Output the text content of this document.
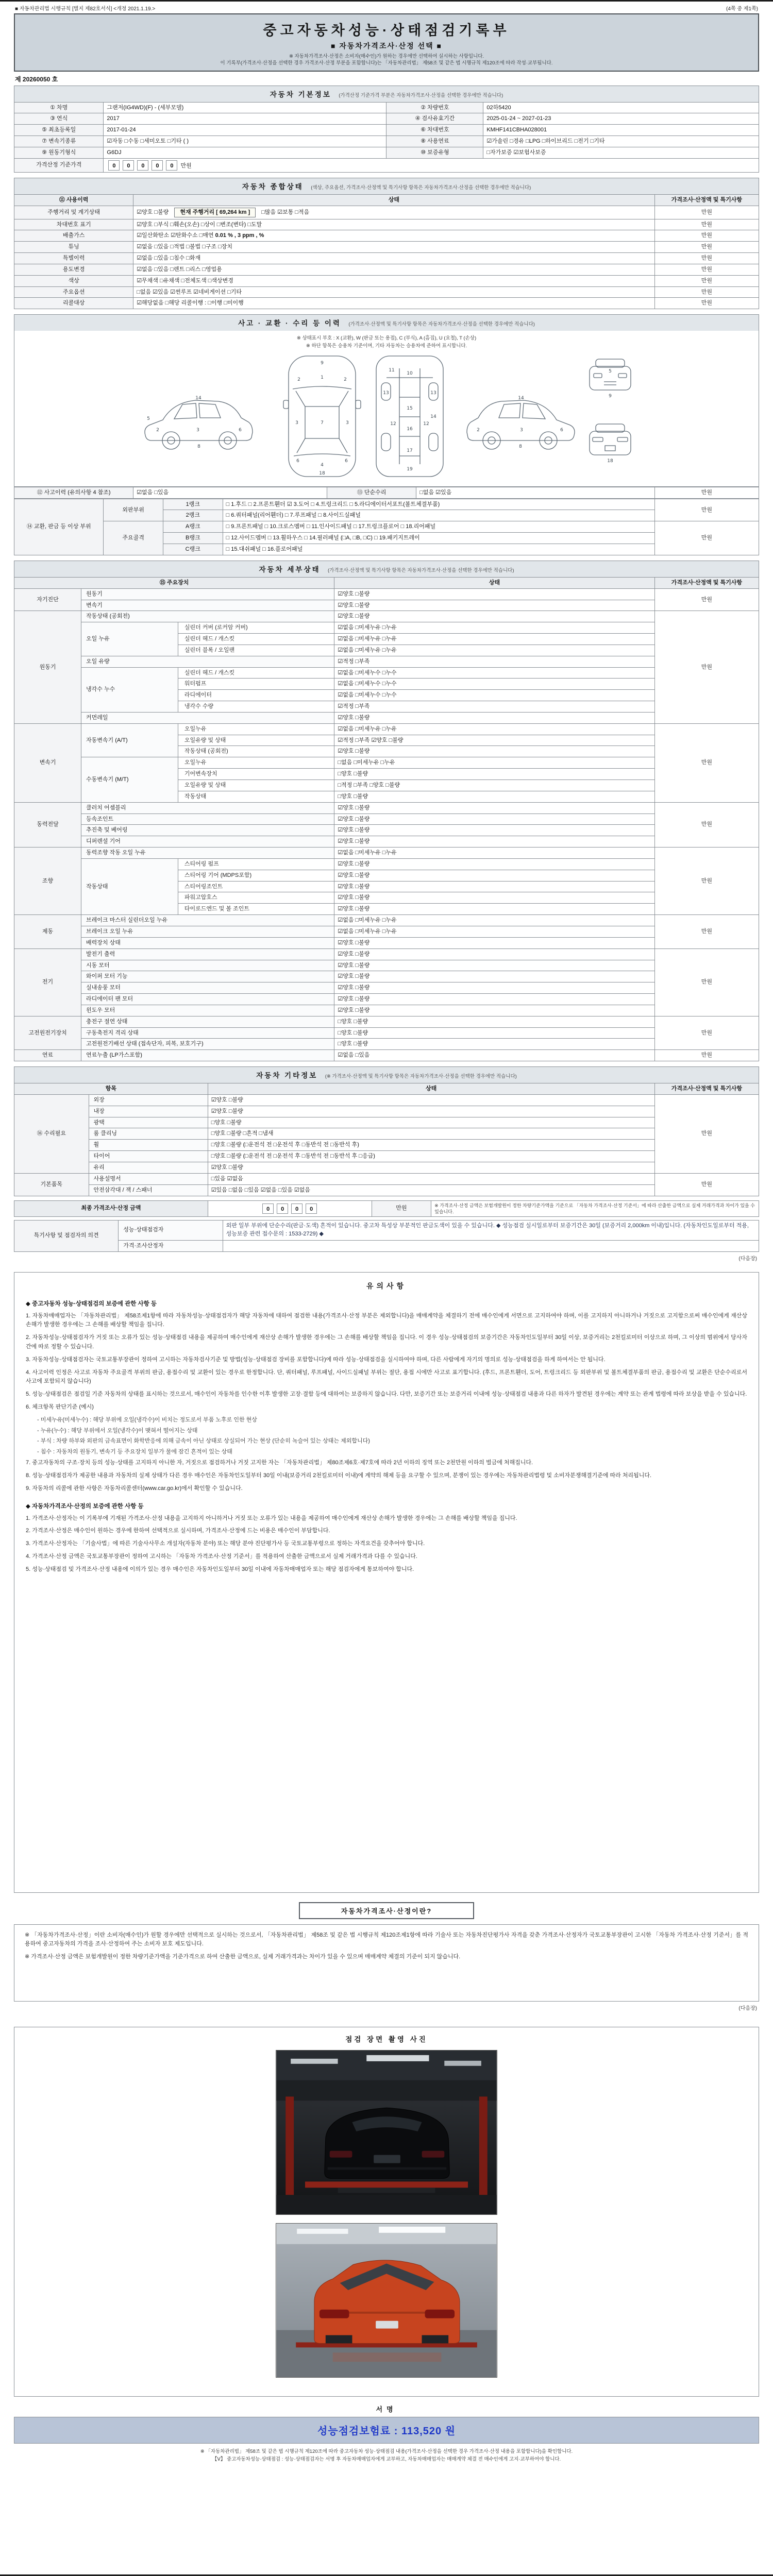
■ 자동차관리법 시행규칙 [별지 제82호서식] <개정 2021.1.19.>	(4쪽 중 제1쪽)
중고자동차성능·상태점검기록부
■ 자동차가격조사·산정 선택 ■
※ 자동차가격조사·산정은 소비자(매수인)가 원하는 경우에만 선택하여 실시하는 사항입니다.
이 기록부(가격조사·산정을 선택한 경우 가격조사·산정 부분을 포함합니다)는 「자동차관리법」 제58조 및 같은 법 시행규칙 제120조에 따라 작성·교부됩니다.
제 20260050 호
자동차 기본정보 (가격산정 기준가격 부분은 자동차가격조사·산정을 선택한 경우에만 적습니다)
① 차명	그랜저(IG4WD)(F) - (세부모델)	② 차량번호	02하5420
③ 연식	2017	④ 검사유효기간	2025-01-24 ~ 2027-01-23
⑤ 최초등록일	2017-01-24	⑥ 차대번호	KMHF141CBHA028001
⑦ 변속기종류	☑자동 □수동 □세미오토 □기타 ( )	⑧ 사용연료	☑가솔린 □경유 □LPG □하이브리드 □전기 □기타
⑨ 원동기형식	G6DJ	⑩ 보증유형	□자가보증 ☑보험사보증
가격산정 기준가격	0 0 0 0 0 만원		
자동차 종합상태 (색상, 주요옵션, 가격조사·산정액 및 특기사항 항목은 자동차가격조사·산정을 선택한 경우에만 적습니다)
⑪ 사용이력	상태	가격조사·산정액 및 특기사항
주행거리 및 계기상태	☑양호 □불량 현재 주행거리 [ 69,264 km ] □많음 ☑보통 □적음	만원
차대번호 표기	☑양호 □부식 □훼손(오손) □상이 □변조(변타) □도말	만원
배출가스	☑일산화탄소 ☑탄화수소 □매연 0.01 % , 3 ppm , %	만원
튜닝	☑없음 □있음 □적법 □불법 □구조 □장치	만원
특별이력	☑없음 □있음 □침수 □화재	만원
용도변경	☑없음 □있음 □렌트 □리스 □영업용	만원
색상	☑무채색 □유채색 □전체도색 □색상변경	만원
주요옵션	□없음 ☑있음 ☑썬루프 ☑네비게이션 □기타	만원
리콜대상	☑해당없음 □해당 리콜이행 : □이행 □미이행	만원
사고 · 교환 · 수리 등 이력 (가격조사·산정액 및 특기사항 항목은 자동차가격조사·산정을 선택한 경우에만 적습니다)
※ 상태표시 부호 : X (교환), W (판금 또는 용접), C (부식), A (흠집), U (요철), T (손상)
※ 하단 항목은 승용차 기준이며, 기타 자동차는 승용차에 준하여 표시합니다.
2	3	6
8
14
5
9
1
2	2
3	3
7
6	6
4
18
10
11
13	13
12	12
15
16
17
19
14
6
3
2
8
14
5
9
18
⑫ 사고이력 (유의사항 4 참조)	☑없음 □있음	⑬ 단순수리	□없음 ☑있음	만원
⑭ 교환, 판금 등 이상 부위	외판부위	1랭크	□ 1.후드 □ 2.프론트휀더 ☑ 3.도어 □ 4.트렁크리드 □ 5.라디에이터서포트(볼트체결부품)	만원
		2랭크	□ 6.쿼터패널(리어휀더) □ 7.루프패널 □ 8.사이드실패널	
	주요골격	A랭크	□ 9.프론트패널 □ 10.크로스멤버 □ 11.인사이드패널 □ 17.트렁크플로어 □ 18.리어패널	만원
		B랭크	□ 12.사이드멤버 □ 13.휠하우스 □ 14.필러패널 (□A, □B, □C) □ 19.패키지트레이	
		C랭크	□ 15.대쉬패널 □ 16.플로어패널	
자동차 세부상태 (가격조사·산정액 및 특기사항 항목은 자동차가격조사·산정을 선택한 경우에만 적습니다)
⑮ 주요장치			상태	가격조사·산정액 및 특기사항
자기진단	원동기		☑양호 □불량	만원
	변속기		☑양호 □불량	
원동기	작동상태 (공회전)		☑양호 □불량	만원
	오일 누유	실린더 커버 (로커암 커버)	☑없음 □미세누유 □누유	
		실린더 헤드 / 개스킷	☑없음 □미세누유 □누유	
		실린더 블록 / 오일팬	☑없음 □미세누유 □누유	
	오일 유량		☑적정 □부족	
	냉각수 누수	실린더 헤드 / 개스킷	☑없음 □미세누수 □누수	
		워터펌프	☑없음 □미세누수 □누수	
		라디에이터	☑없음 □미세누수 □누수	
		냉각수 수량	☑적정 □부족	
	커먼레일		☑양호 □불량	
변속기	자동변속기 (A/T)	오일누유	☑없음 □미세누유 □누유	만원
		오일유량 및 상태	☑적정 □부족 ☑양호 □불량	
		작동상태 (공회전)	☑양호 □불량	
	수동변속기 (M/T)	오일누유	□없음 □미세누유 □누유	
		기어변속장치	□양호 □불량	
		오일유량 및 상태	□적정 □부족 □양호 □불량	
		작동상태	□양호 □불량	
동력전달	클러치 어셈블리		☑양호 □불량	만원
	등속조인트		☑양호 □불량	
	추진축 및 베어링		☑양호 □불량	
	디퍼렌셜 기어		☑양호 □불량	
조향	동력조향 작동 오일 누유		☑없음 □미세누유 □누유	만원
	작동상태	스티어링 펌프	☑양호 □불량	
		스티어링 기어 (MDPS포함)	☑양호 □불량	
		스티어링조인트	☑양호 □불량	
		파워고압호스	☑양호 □불량	
		타이로드엔드 및 볼 조인트	☑양호 □불량	
제동	브레이크 마스터 실린더오일 누유		☑없음 □미세누유 □누유	만원
	브레이크 오일 누유		☑없음 □미세누유 □누유	
	배력장치 상태		☑양호 □불량	
전기	발전기 출력		☑양호 □불량	만원
	시동 모터		☑양호 □불량	
	와이퍼 모터 기능		☑양호 □불량	
	실내송풍 모터		☑양호 □불량	
	라디에이터 팬 모터		☑양호 □불량	
	윈도우 모터		☑양호 □불량	
고전원전기장치	충전구 절연 상태		□양호 □불량	만원
	구동축전지 격리 상태		□양호 □불량	
	고전원전기배선 상태 (접속단자, 피복, 보호기구)		□양호 □불량	
연료	연료누출 (LP가스포함)		☑없음 □있음	만원
자동차 기타정보 (※ 가격조사·산정액 및 특기사항 항목은 자동차가격조사·산정을 선택한 경우에만 적습니다)
항목		상태	가격조사·산정액 및 특기사항
⑯ 수리필요	외장	☑양호 □불량	만원
	내장	☑양호 □불량	
	광택	□양호 □불량	
	룸 클리닝	□양호 □불량 □흔적 □냄새	
	휠	□양호 □불량 (□운전석 전 □운전석 후 □동반석 전 □동반석 후)	
	타이어	□양호 □불량 (□운전석 전 □운전석 후 □동반석 전 □동반석 후 □응급)	
	유리	☑양호 □불량	
기본품목	사용설명서	□있음 ☑없음	만원
	안전삼각대 / 잭 / 스패너	☑있음 □없음 □있음 ☑없음 □있음 ☑없음	
최종 가격조사·산정 금액	0 0 0 0	만원	※ 가격조사·산정 금액은 보험개발원이 정한 차량기준가액을 기준으로 「자동차 가격조사·산정 기준서」에 따라 산출한 금액으로 실제 거래가격과 차이가 있을 수 있습니다.
특기사항 및 점검자의 의견	성능·상태점검자	외판 일부 부위에 단순수리(판금·도색) 흔적이 있습니다. 중고차 특성상 부분적인 판금도색이 있을 수 있습니다. ◆ 성능점검 실시일로부터 보증기간은 30일 (보증거리 2,000km 이내)입니다. (자동차인도일로부터 적용, 성능보증 관련 접수문의 : 1533-2729) ◆
	가격·조사산정자	
(다음장)
유의사항
◆ 중고자동차 성능·상태점검의 보증에 관한 사항 등
1. 자동차매매업자는 「자동차관리법」 제58조제1항에 따라 자동차성능·상태점검자가 해당 자동차에 대하여 점검한 내용(가격조사·산정 부분은 제외합니다)을 매매계약을 체결하기 전에 매수인에게 서면으로 고지하여야 하며, 이를 고지하지 아니하거나 거짓으로 고지함으로써 매수인에게 재산상 손해가 발생한 경우에는 그 손해를 배상할 책임을 집니다.
2. 자동차성능·상태점검자가 거짓 또는 오류가 있는 성능·상태점검 내용을 제공하여 매수인에게 재산상 손해가 발생한 경우에는 그 손해를 배상할 책임을 집니다. 이 경우 성능·상태점검의 보증기간은 자동차인도일부터 30일 이상, 보증거리는 2천킬로미터 이상으로 하며, 그 이상의 범위에서 당사자 간에 따로 정할 수 있습니다.
3. 자동차성능·상태점검자는 국토교통부장관이 정하여 고시하는 자동차검사기준 및 방법(성능·상태점검 장비를 포함합니다)에 따라 성능·상태점검을 실시하여야 하며, 다른 사람에게 자기의 명의로 성능·상태점검을 하게 하여서는 안 됩니다.
4. 사고이력 인정은 사고로 자동차 주요골격 부위의 판금, 용접수리 및 교환이 있는 경우로 한정합니다. 단, 쿼터패널, 루프패널, 사이드실패널 부위는 절단, 용접 시에만 사고로 표기합니다. (후드, 프론트휀더, 도어, 트렁크리드 등 외판부위 및 볼트체결부품의 판금, 용접수리 및 교환은 단순수리로서 사고에 포함되지 않습니다)
5. 성능·상태점검은 점검일 기준 자동차의 상태를 표시하는 것으로서, 매수인이 자동차를 인수한 이후 발생한 고장·결함 등에 대하여는 보증하지 않습니다. 다만, 보증기간 또는 보증거리 이내에 성능·상태점검 내용과 다른 하자가 발견된 경우에는 계약 또는 관계 법령에 따라 보상을 받을 수 있습니다.
6. 체크항목 판단기준 (예시)
- 미세누유(미세누수) : 해당 부위에 오일(냉각수)이 비치는 정도로서 부품 노후로 인한 현상
- 누유(누수) : 해당 부위에서 오일(냉각수)이 맺혀서 떨어지는 상태
- 부식 : 차량 하부와 외판의 금속표면이 화학반응에 의해 금속이 아닌 상태로 상실되어 가는 현상 (단순히 녹슬어 있는 상태는 제외합니다)
- 침수 : 자동차의 원동기, 변속기 등 주요장치 일부가 물에 잠긴 흔적이 있는 상태
7. 중고자동차의 구조·장치 등의 성능·상태를 고지하지 아니한 자, 거짓으로 점검하거나 거짓 고지한 자는 「자동차관리법」 제80조제6호·제7호에 따라 2년 이하의 징역 또는 2천만원 이하의 벌금에 처해집니다.
8. 성능·상태점검자가 제공한 내용과 자동차의 실제 상태가 다른 경우 매수인은 자동차인도일부터 30일 이내(보증거리 2천킬로미터 이내)에 계약의 해제 등을 요구할 수 있으며, 분쟁이 있는 경우에는 자동차관리법령 및 소비자분쟁해결기준에 따라 처리됩니다.
9. 자동차의 리콜에 관한 사항은 자동차리콜센터(www.car.go.kr)에서 확인할 수 있습니다.
◆ 자동차가격조사·산정의 보증에 관한 사항 등
1. 가격조사·산정자는 이 기록부에 기재된 가격조사·산정 내용을 고지하지 아니하거나 거짓 또는 오류가 있는 내용을 제공하여 매수인에게 재산상 손해가 발생한 경우에는 그 손해를 배상할 책임을 집니다.
2. 가격조사·산정은 매수인이 원하는 경우에 한하여 선택적으로 실시하며, 가격조사·산정에 드는 비용은 매수인이 부담합니다.
3. 가격조사·산정자는 「기술사법」에 따른 기술사사무소 개설자(자동차 분야) 또는 해당 분야 진단평가사 등 국토교통부령으로 정하는 자격요건을 갖추어야 합니다.
4. 가격조사·산정 금액은 국토교통부장관이 정하여 고시하는 「자동차 가격조사·산정 기준서」를 적용하여 산출한 금액으로서 실제 거래가격과 다를 수 있습니다.
5. 성능·상태점검 및 가격조사·산정 내용에 이의가 있는 경우 매수인은 자동차인도일부터 30일 이내에 자동차매매업자 또는 해당 점검자에게 통보하여야 합니다.
자동차가격조사·산정이란?
※ 「자동차가격조사·산정」이란 소비자(매수인)가 원할 경우에만 선택적으로 실시하는 것으로서, 「자동차관리법」 제58조 및 같은 법 시행규칙 제120조제1항에 따라 기술사 또는 자동차진단평가사 자격을 갖춘 가격조사·산정자가 국토교통부장관이 고시한 「자동차 가격조사·산정 기준서」를 적용하여 중고자동차의 가격을 조사·산정하여 주는 소비자 보호 제도입니다.
※ 가격조사·산정 금액은 보험개발원이 정한 차량기준가액을 기준가격으로 하여 산출한 금액으로, 실제 거래가격과는 차이가 있을 수 있으며 매매계약 체결의 기준이 되지 않습니다.
(다음장)
점검 장면 촬영 사진
서명
성능점검보험료 : 113,520 원
※ 「자동차관리법」 제58조 및 같은 법 시행규칙 제120조에 따라 중고자동차 성능·상태점검 내용(가격조사·산정을 선택한 경우 가격조사·산정 내용을 포함합니다)을 확인합니다.
【Ⅴ】 중고자동차성능·상태점검 : 성능·상태점검자는 서명 후 자동차매매업자에게 교부하고, 자동차매매업자는 매매계약 체결 전 매수인에게 고지·교부하여야 합니다.
